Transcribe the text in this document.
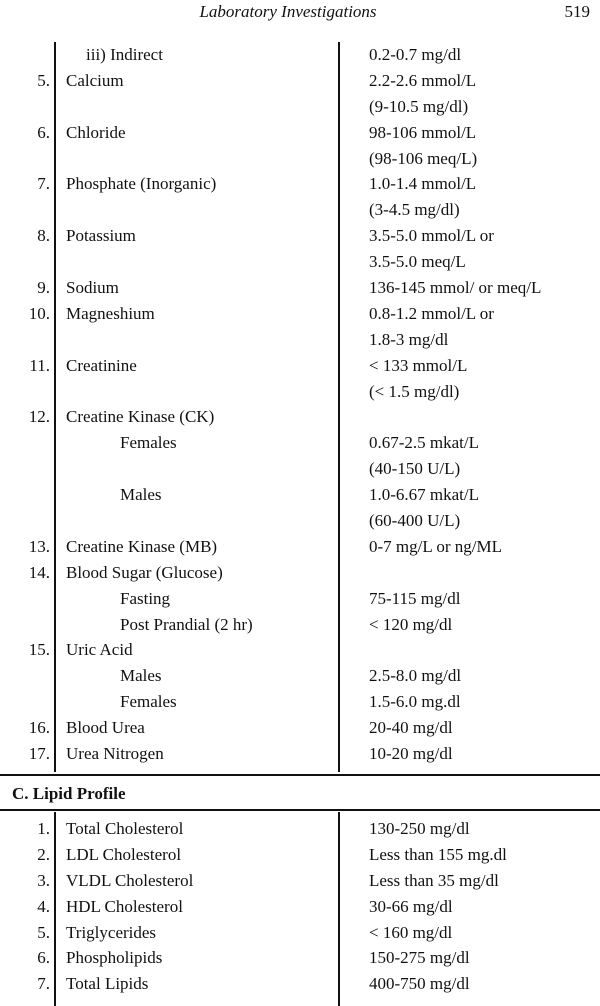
Laboratory Investigations	519
iii) Indirect	0.2-0.7 mg/dl
5. Calcium	2.2-2.6 mmol/L
(9-10.5 mg/dl)
6. Chloride	98-106 mmol/L
(98-106 meq/L)
7. Phosphate (Inorganic)	1.0-1.4 mmol/L
(3-4.5 mg/dl)
8. Potassium	3.5-5.0 mmol/L or
3.5-5.0 meq/L
9. Sodium	136-145 mmol/ or meq/L
10. Magneshium	0.8-1.2 mmol/L or
1.8-3 mg/dl
11. Creatinine	< 133 mmol/L
(< 1.5 mg/dl)
12. Creatine Kinase (CK)
Females	0.67-2.5 mkat/L
(40-150 U/L)
Males	1.0-6.67 mkat/L
(60-400 U/L)
13. Creatine Kinase (MB)	0-7 mg/L or ng/ML
14. Blood Sugar (Glucose)
Fasting	75-115 mg/dl
Post Prandial (2 hr)	< 120 mg/dl
15. Uric Acid
Males	2.5-8.0 mg/dl
Females	1.5-6.0 mg.dl
16. Blood Urea	20-40 mg/dl
17. Urea Nitrogen	10-20 mg/dl
C. Lipid Profile
1. Total Cholesterol	130-250 mg/dl
2. LDL Cholesterol	Less than 155 mg.dl
3. VLDL Cholesterol	Less than 35 mg/dl
4. HDL Cholesterol	30-66 mg/dl
5. Triglycerides	< 160 mg/dl
6. Phospholipids	150-275 mg/dl
7. Total Lipids	400-750 mg/dl
